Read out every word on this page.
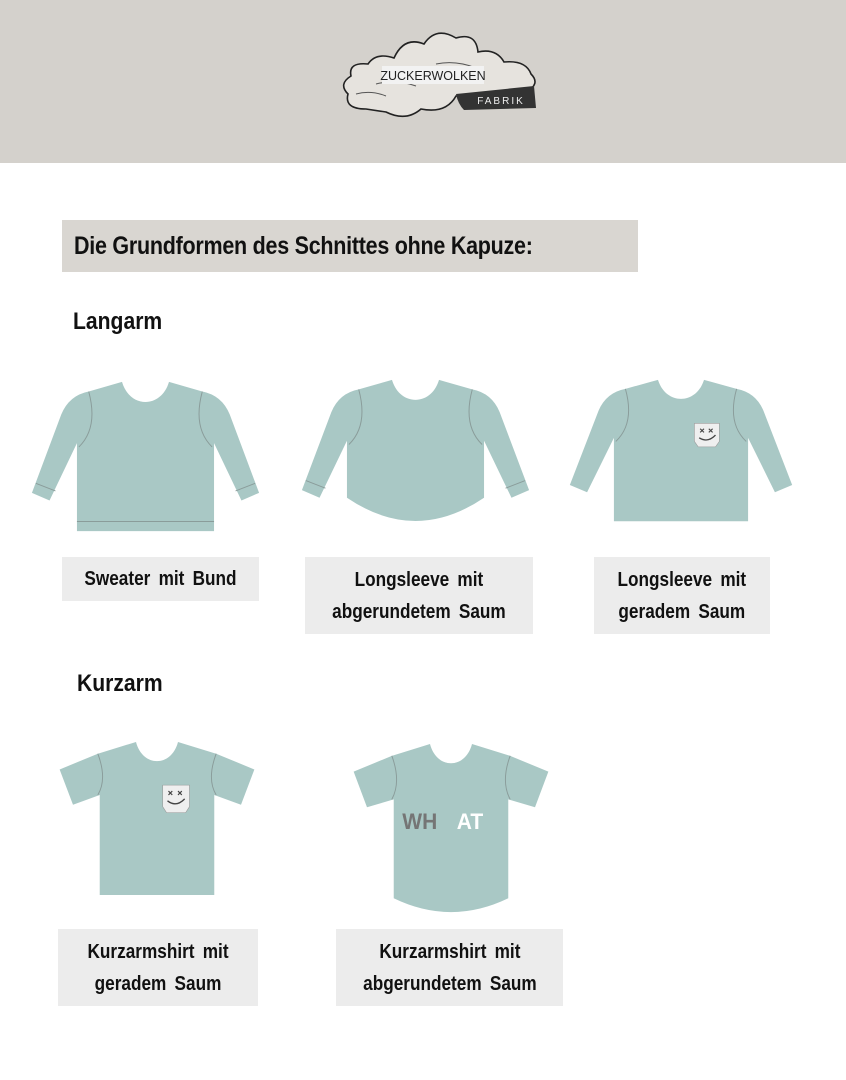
ZUCKERWOLKEN
FABRIK
Die Grundformen des Schnittes ohne Kapuze:
Langarm
Sweater mit Bund	Longsleeve mit
abgerundetem Saum
Longsleeve mit
geradem Saum
Kurzarm
Kurzarmshirt mit
geradem Saum
WH AT
Kurzarmshirt mit
abgerundetem Saum
